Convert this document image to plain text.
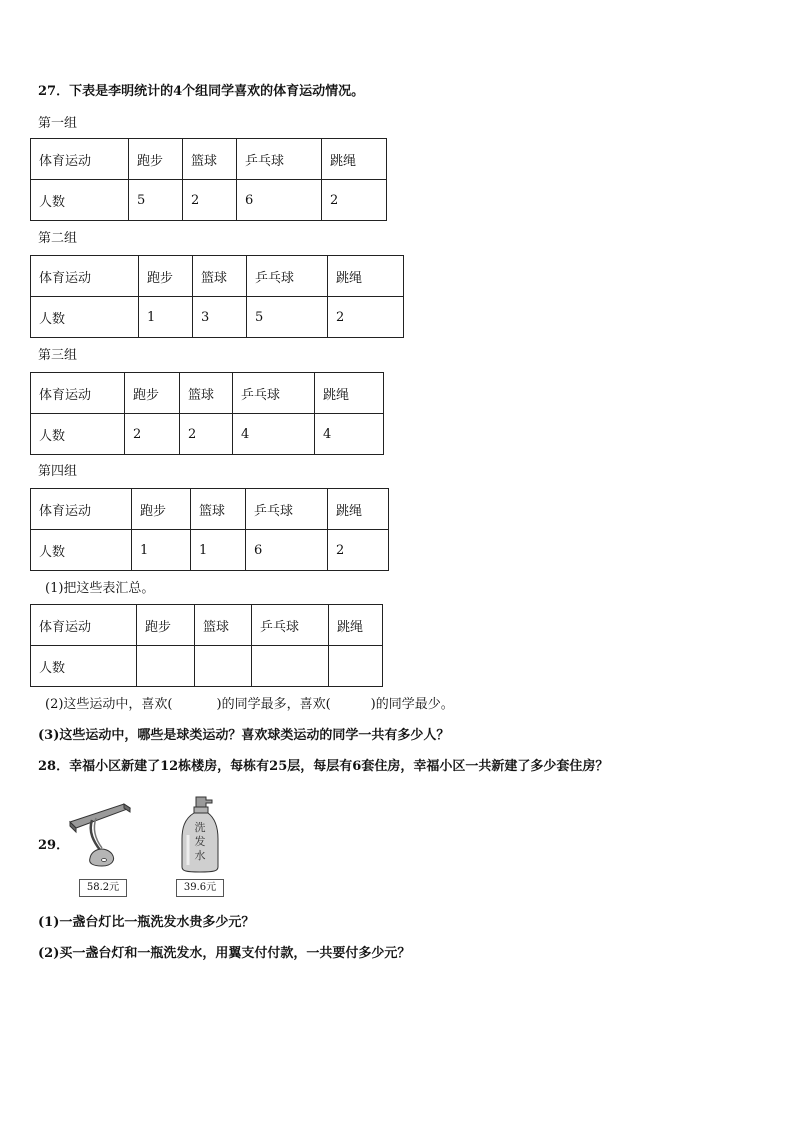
27．下表是李明统计的4个组同学喜欢的体育运动情况。
第一组
体育运动	跑步	篮球	乒乓球	跳绳
人数	5	2	6	2
第二组
体育运动	跑步	篮球	乒乓球	跳绳
人数	1	3	5	2
第三组
体育运动	跑步	篮球	乒乓球	跳绳
人数	2	2	4	4
第四组
体育运动	跑步	篮球	乒乓球	跳绳
人数	1	1	6	2
(1)把这些表汇总。
体育运动	跑步	篮球	乒乓球	跳绳
人数				
(2)这些运动中，喜欢(	)的同学最多，喜欢(	)的同学最少。
(3)这些运动中，哪些是球类运动？喜欢球类运动的同学一共有多少人？
28．幸福小区新建了12栋楼房，每栋有25层，每层有6套住房，幸福小区一共新建了多少套住房？
29．
58.2元
洗
发
水
39.6元
(1)一盏台灯比一瓶洗发水贵多少元？
(2)买一盏台灯和一瓶洗发水，用翼支付付款，一共要付多少元？
